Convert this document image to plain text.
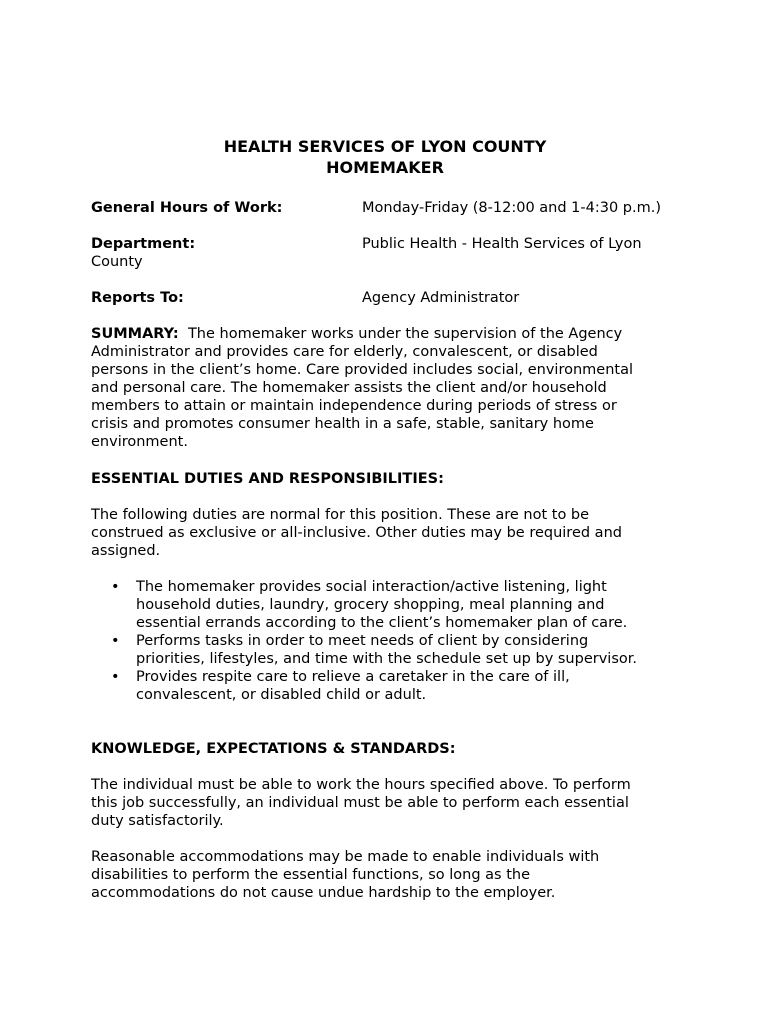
HEALTH SERVICES OF LYON COUNTY
HOMEMAKER
General Hours of Work:	Monday-Friday (8-12:00 and 1-4:30 p.m.)
Department:	Public Health - Health Services of Lyon
County
Reports To:	Agency Administrator
SUMMARY: The homemaker works under the supervision of the Agency
Administrator and provides care for elderly, convalescent, or disabled
persons in the client’s home. Care provided includes social, environmental
and personal care. The homemaker assists the client and/or household
members to attain or maintain independence during periods of stress or
crisis and promotes consumer health in a safe, stable, sanitary home
environment.
ESSENTIAL DUTIES AND RESPONSIBILITIES:
The following duties are normal for this position. These are not to be
construed as exclusive or all-inclusive. Other duties may be required and
assigned.
• The homemaker provides social interaction/active listening, light
household duties, laundry, grocery shopping, meal planning and
essential errands according to the client’s homemaker plan of care.
• Performs tasks in order to meet needs of client by considering
priorities, lifestyles, and time with the schedule set up by supervisor.
• Provides respite care to relieve a caretaker in the care of ill,
convalescent, or disabled child or adult.
KNOWLEDGE, EXPECTATIONS & STANDARDS:
The individual must be able to work the hours specified above. To perform
this job successfully, an individual must be able to perform each essential
duty satisfactorily.
Reasonable accommodations may be made to enable individuals with
disabilities to perform the essential functions, so long as the
accommodations do not cause undue hardship to the employer.
